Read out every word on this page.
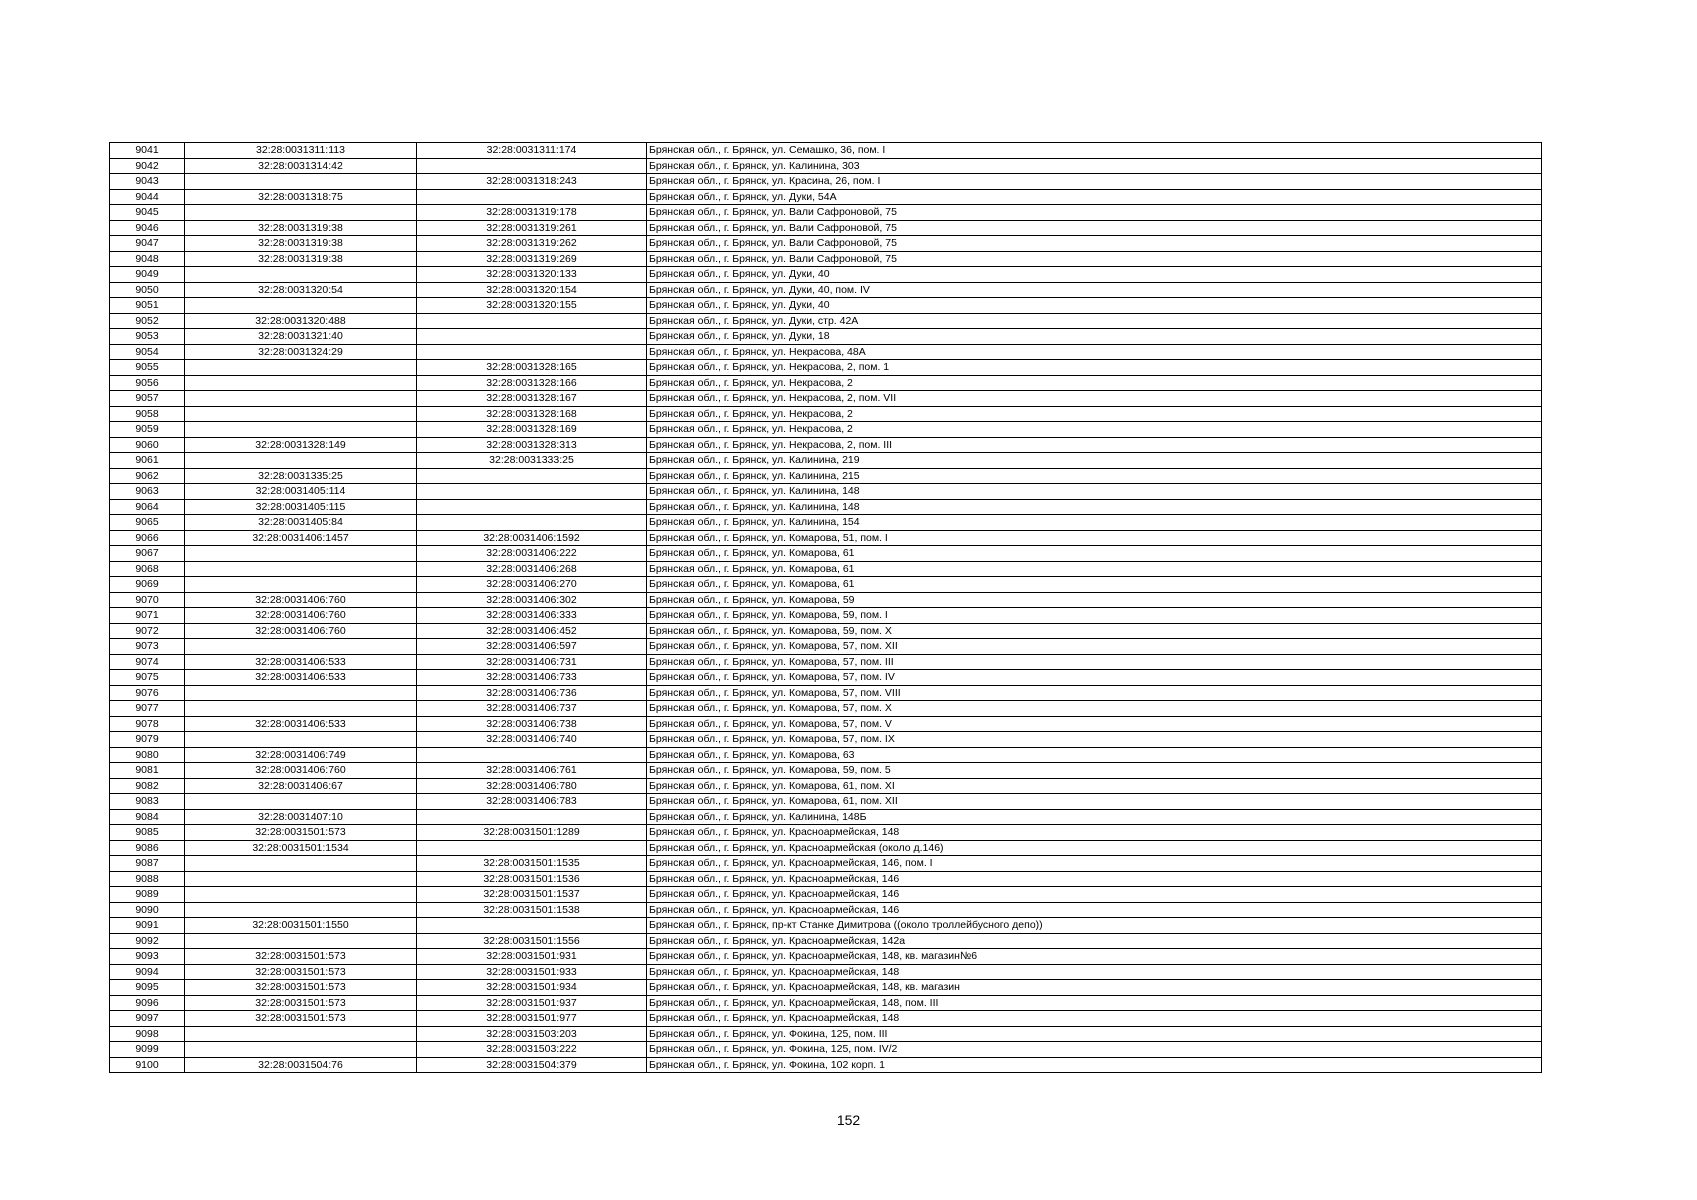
9041	32:28:0031311:113	32:28:0031311:174	Брянская обл., г. Брянск, ул. Семашко, 36, пом. I
9042	32:28:0031314:42		Брянская обл., г. Брянск, ул. Калинина, 303
9043		32:28:0031318:243	Брянская обл., г. Брянск, ул. Красина, 26, пом. I
9044	32:28:0031318:75		Брянская обл., г. Брянск, ул. Дуки, 54А
9045		32:28:0031319:178	Брянская обл., г. Брянск, ул. Вали Сафроновой, 75
9046	32:28:0031319:38	32:28:0031319:261	Брянская обл., г. Брянск, ул. Вали Сафроновой, 75
9047	32:28:0031319:38	32:28:0031319:262	Брянская обл., г. Брянск, ул. Вали Сафроновой, 75
9048	32:28:0031319:38	32:28:0031319:269	Брянская обл., г. Брянск, ул. Вали Сафроновой, 75
9049		32:28:0031320:133	Брянская обл., г. Брянск, ул. Дуки, 40
9050	32:28:0031320:54	32:28:0031320:154	Брянская обл., г. Брянск, ул. Дуки, 40, пом. IV
9051		32:28:0031320:155	Брянская обл., г. Брянск, ул. Дуки, 40
9052	32:28:0031320:488		Брянская обл., г. Брянск, ул. Дуки, стр. 42А
9053	32:28:0031321:40		Брянская обл., г. Брянск, ул. Дуки, 18
9054	32:28:0031324:29		Брянская обл., г. Брянск, ул. Некрасова, 48А
9055		32:28:0031328:165	Брянская обл., г. Брянск, ул. Некрасова, 2, пом. 1
9056		32:28:0031328:166	Брянская обл., г. Брянск, ул. Некрасова, 2
9057		32:28:0031328:167	Брянская обл., г. Брянск, ул. Некрасова, 2, пом. VII
9058		32:28:0031328:168	Брянская обл., г. Брянск, ул. Некрасова, 2
9059		32:28:0031328:169	Брянская обл., г. Брянск, ул. Некрасова, 2
9060	32:28:0031328:149	32:28:0031328:313	Брянская обл., г. Брянск, ул. Некрасова, 2, пом. III
9061		32:28:0031333:25	Брянская обл., г. Брянск, ул. Калинина, 219
9062	32:28:0031335:25		Брянская обл., г. Брянск, ул. Калинина, 215
9063	32:28:0031405:114		Брянская обл., г. Брянск, ул. Калинина, 148
9064	32:28:0031405:115		Брянская обл., г. Брянск, ул. Калинина, 148
9065	32:28:0031405:84		Брянская обл., г. Брянск, ул. Калинина, 154
9066	32:28:0031406:1457	32:28:0031406:1592	Брянская обл., г. Брянск, ул. Комарова, 51, пом. I
9067		32:28:0031406:222	Брянская обл., г. Брянск, ул. Комарова, 61
9068		32:28:0031406:268	Брянская обл., г. Брянск, ул. Комарова, 61
9069		32:28:0031406:270	Брянская обл., г. Брянск, ул. Комарова, 61
9070	32:28:0031406:760	32:28:0031406:302	Брянская обл., г. Брянск, ул. Комарова, 59
9071	32:28:0031406:760	32:28:0031406:333	Брянская обл., г. Брянск, ул. Комарова, 59, пом. I
9072	32:28:0031406:760	32:28:0031406:452	Брянская обл., г. Брянск, ул. Комарова, 59, пом. X
9073		32:28:0031406:597	Брянская обл., г. Брянск, ул. Комарова, 57, пом. XII
9074	32:28:0031406:533	32:28:0031406:731	Брянская обл., г. Брянск, ул. Комарова, 57, пом. III
9075	32:28:0031406:533	32:28:0031406:733	Брянская обл., г. Брянск, ул. Комарова, 57, пом. IV
9076		32:28:0031406:736	Брянская обл., г. Брянск, ул. Комарова, 57, пом. VIII
9077		32:28:0031406:737	Брянская обл., г. Брянск, ул. Комарова, 57, пом. X
9078	32:28:0031406:533	32:28:0031406:738	Брянская обл., г. Брянск, ул. Комарова, 57, пом. V
9079		32:28:0031406:740	Брянская обл., г. Брянск, ул. Комарова, 57, пом. IX
9080	32:28:0031406:749		Брянская обл., г. Брянск, ул. Комарова, 63
9081	32:28:0031406:760	32:28:0031406:761	Брянская обл., г. Брянск, ул. Комарова, 59, пом. 5
9082	32:28:0031406:67	32:28:0031406:780	Брянская обл., г. Брянск, ул. Комарова, 61, пом. XI
9083		32:28:0031406:783	Брянская обл., г. Брянск, ул. Комарова, 61, пом. XII
9084	32:28:0031407:10		Брянская обл., г. Брянск, ул. Калинина, 148Б
9085	32:28:0031501:573	32:28:0031501:1289	Брянская обл., г. Брянск, ул. Красноармейская, 148
9086	32:28:0031501:1534		Брянская обл., г. Брянск, ул. Красноармейская (около д.146)
9087		32:28:0031501:1535	Брянская обл., г. Брянск, ул. Красноармейская, 146, пом. I
9088		32:28:0031501:1536	Брянская обл., г. Брянск, ул. Красноармейская, 146
9089		32:28:0031501:1537	Брянская обл., г. Брянск, ул. Красноармейская, 146
9090		32:28:0031501:1538	Брянская обл., г. Брянск, ул. Красноармейская, 146
9091	32:28:0031501:1550		Брянская обл., г. Брянск, пр-кт Станке Димитрова ((около троллейбусного депо))
9092		32:28:0031501:1556	Брянская обл., г. Брянск, ул. Красноармейская, 142а
9093	32:28:0031501:573	32:28:0031501:931	Брянская обл., г. Брянск, ул. Красноармейская, 148, кв. магазин№6
9094	32:28:0031501:573	32:28:0031501:933	Брянская обл., г. Брянск, ул. Красноармейская, 148
9095	32:28:0031501:573	32:28:0031501:934	Брянская обл., г. Брянск, ул. Красноармейская, 148, кв. магазин
9096	32:28:0031501:573	32:28:0031501:937	Брянская обл., г. Брянск, ул. Красноармейская, 148, пом. III
9097	32:28:0031501:573	32:28:0031501:977	Брянская обл., г. Брянск, ул. Красноармейская, 148
9098		32:28:0031503:203	Брянская обл., г. Брянск, ул. Фокина, 125, пом. III
9099		32:28:0031503:222	Брянская обл., г. Брянск, ул. Фокина, 125, пом. IV/2
9100	32:28:0031504:76	32:28:0031504:379	Брянская обл., г. Брянск, ул. Фокина, 102 корп. 1
152
